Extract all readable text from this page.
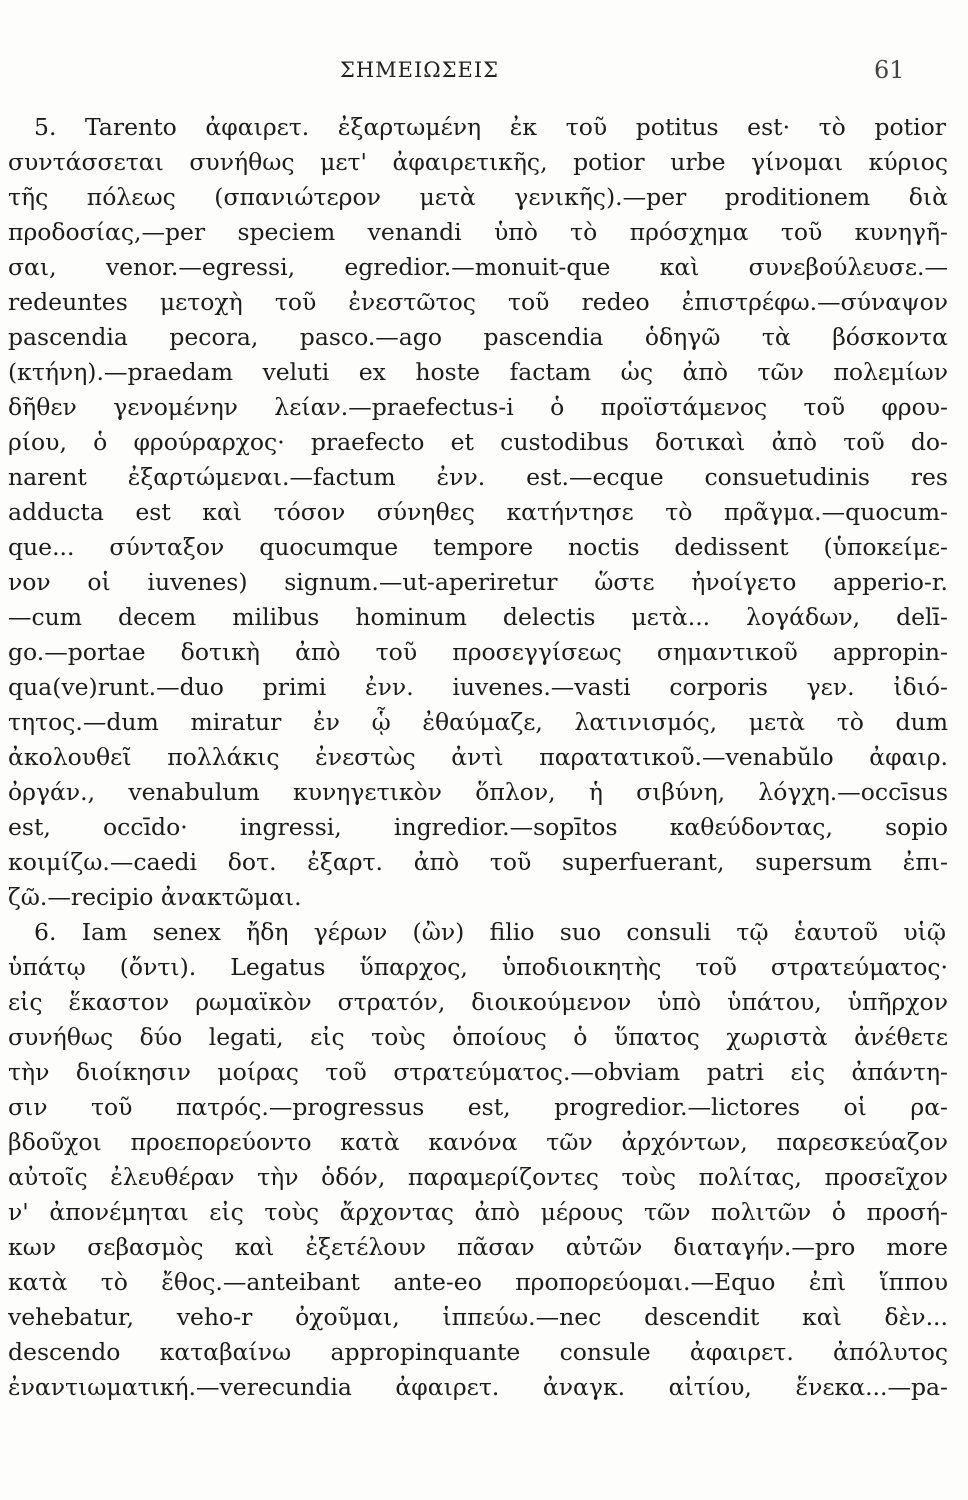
ΣΗΜΕΙΩΣΕΙΣ	61
5. Tarento ἀφαιρετ. ἐξαρτωμένη ἐκ τοῦ potitus est· τὸ potior
συντάσσεται συνήθως μετ' ἀφαιρετικῆς, potior urbe γίνομαι κύριος
τῆς πόλεως (σπανιώτερον μετὰ γενικῆς).—per proditionem διὰ
προδοσίας,—per speciem venandi ὑπὸ τὸ πρόσχημα τοῦ κυνηγῆ-
σαι, venor.—egressi, egredior.—monuit-que καὶ συνεβούλευσε.—
redeuntes μετοχὴ τοῦ ἐνεστῶτος τοῦ redeo ἐπιστρέφω.—σύναψον
pascendia pecora, pasco.—ago pascendia ὁδηγῶ τὰ βόσκοντα
(κτήνη).—praedam veluti ex hoste factam ὡς ἀπὸ τῶν πολεμίων
δῆθεν γενομένην λείαν.—praefectus-i ὁ προϊστάμενος τοῦ φρου-
ρίου, ὁ φρούραρχος· praefecto et custodibus δοτικαὶ ἀπὸ τοῦ do-
narent ἐξαρτώμεναι.—factum ἐνν. est.—ecque consuetudinis res
adducta est καὶ τόσον σύνηθες κατήντησε τὸ πρᾶγμα.—quocum-
que... σύνταξον quocumque tempore noctis dedissent (ὑποκείμε-
νον οἱ iuvenes) signum.—ut-aperiretur ὥστε ἠνοίγετο apperio-r.
—cum decem milibus hominum delectis μετὰ... λογάδων, delī-
go.—portae δοτικὴ ἀπὸ τοῦ προσεγγίσεως σημαντικοῦ appropin-
qua(ve)runt.—duo primi ἐνν. iuvenes.—vasti corporis γεν. ἰδιό-
τητος.—dum miratur ἐν ᾧ ἐθαύμαζε, λατινισμός, μετὰ τὸ dum
ἀκολουθεῖ πολλάκις ἐνεστὼς ἀντὶ παρατατικοῦ.—venabŭlo ἀφαιρ.
ὀργάν., venabulum κυνηγετικὸν ὅπλον, ἡ σιβύνη, λόγχη.—occīsus
est, occīdo· ingressi, ingredior.—sopītos καθεύδοντας, sopio
κοιμίζω.—caedi δοτ. ἐξαρτ. ἀπὸ τοῦ superfuerant, supersum ἐπι-
ζῶ.—recipio ἀνακτῶμαι.
6. Iam senex ἤδη γέρων (ὢν) filio suo consuli τῷ ἑαυτοῦ υἱῷ
ὑπάτῳ (ὄντι). Legatus ὕπαρχος, ὑποδιοικητὴς τοῦ στρατεύματος·
εἰς ἕκαστον ρωμαϊκὸν στρατόν, διοικούμενον ὑπὸ ὑπάτου, ὑπῆρχον
συνήθως δύο legati, εἰς τοὺς ὁποίους ὁ ὕπατος χωριστὰ ἀνέθετε
τὴν διοίκησιν μοίρας τοῦ στρατεύματος.—obviam patri εἰς ἀπάντη-
σιν τοῦ πατρός.—progressus est, progredior.—lictores οἱ ρα-
βδοῦχοι προεπορεύοντο κατὰ κανόνα τῶν ἀρχόντων, παρεσκεύαζον
αὐτοῖς ἐλευθέραν τὴν ὁδόν, παραμερίζοντες τοὺς πολίτας, προσεῖχον
ν' ἀπονέμηται εἰς τοὺς ἄρχοντας ἀπὸ μέρους τῶν πολιτῶν ὁ προσή-
κων σεβασμὸς καὶ ἐξετέλουν πᾶσαν αὐτῶν διαταγήν.—pro more
κατὰ τὸ ἔθος.—anteibant ante-eo προπορεύομαι.—Equo ἐπὶ ἵππου
vehebatur, veho-r ὀχοῦμαι, ἱππεύω.—nec descendit καὶ δὲν...
descendo καταβαίνω appropinquante consule ἀφαιρετ. ἀπόλυτος
ἐναντιωματική.—verecundia ἀφαιρετ. ἀναγκ. αἰτίου, ἕνεκα...—pa-
